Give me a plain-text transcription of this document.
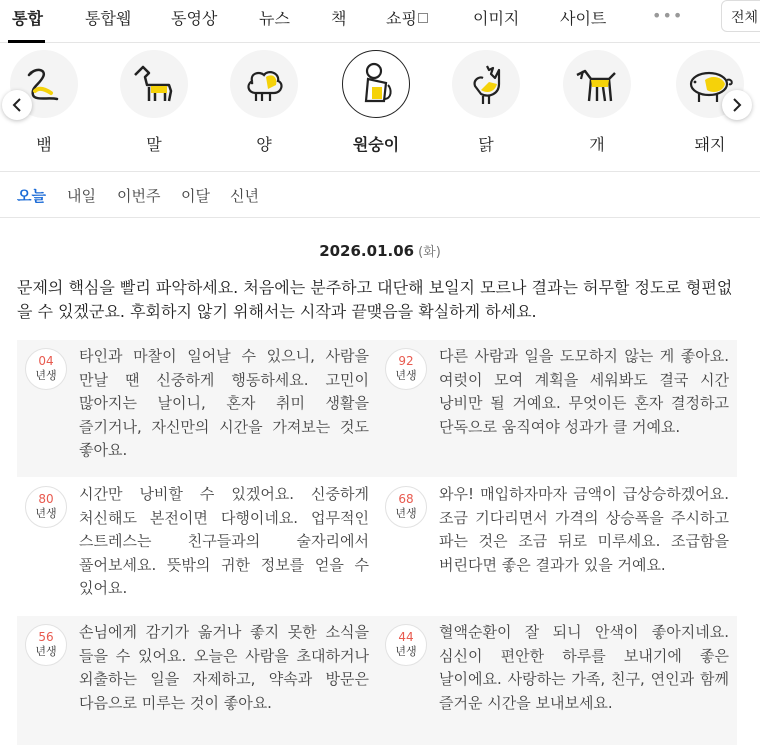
통합	통합웹 동영상	뉴스	책 쇼핑	이미지	사이트	•••	전체
뱀	말	양	원숭이	닭	개	돼지
오늘 내일 이번주 이달 신년
2026.01.06 (화)

문제의 핵심을 빨리 파악하세요. 처음에는 분주하고 대단해 보일지 모르나 결과는 허무할 정도로 형편없을 수 있겠군요. 후회하지 않기 위해서는 시작과 끝맺음을 확실하게 하세요.

04
년생

타인과 마찰이 일어날 수 있으니, 사람을 만날 땐 신중하게 행동하세요. 고민이 많아지는 날이니, 혼자 취미 생활을 즐기거나, 자신만의 시간을 가져보는 것도 좋아요.

92
년생

다른 사람과 일을 도모하지 않는 게 좋아요. 여럿이 모여 계획을 세워봐도 결국 시간 낭비만 될 거예요. 무엇이든 혼자 결정하고 단독으로 움직여야 성과가 클 거예요.

80
년생

시간만 낭비할 수 있겠어요. 신중하게 처신해도 본전이면 다행이네요. 업무적인 스트레스는 친구들과의 술자리에서 풀어보세요. 뜻밖의 귀한 정보를 얻을 수 있어요.

68
년생

와우! 매입하자마자 금액이 급상승하겠어요. 조금 기다리면서 가격의 상승폭을 주시하고 파는 것은 조금 뒤로 미루세요. 조급함을 버린다면 좋은 결과가 있을 거예요.

56
년생

손님에게 감기가 옮거나 좋지 못한 소식을 들을 수 있어요. 오늘은 사람을 초대하거나 외출하는 일을 자제하고, 약속과 방문은 다음으로 미루는 것이 좋아요.

44
년생

혈액순환이 잘 되니 안색이 좋아지네요. 심신이 편안한 하루를 보내기에 좋은 날이에요. 사랑하는 가족, 친구, 연인과 함께 즐거운 시간을 보내보세요.
